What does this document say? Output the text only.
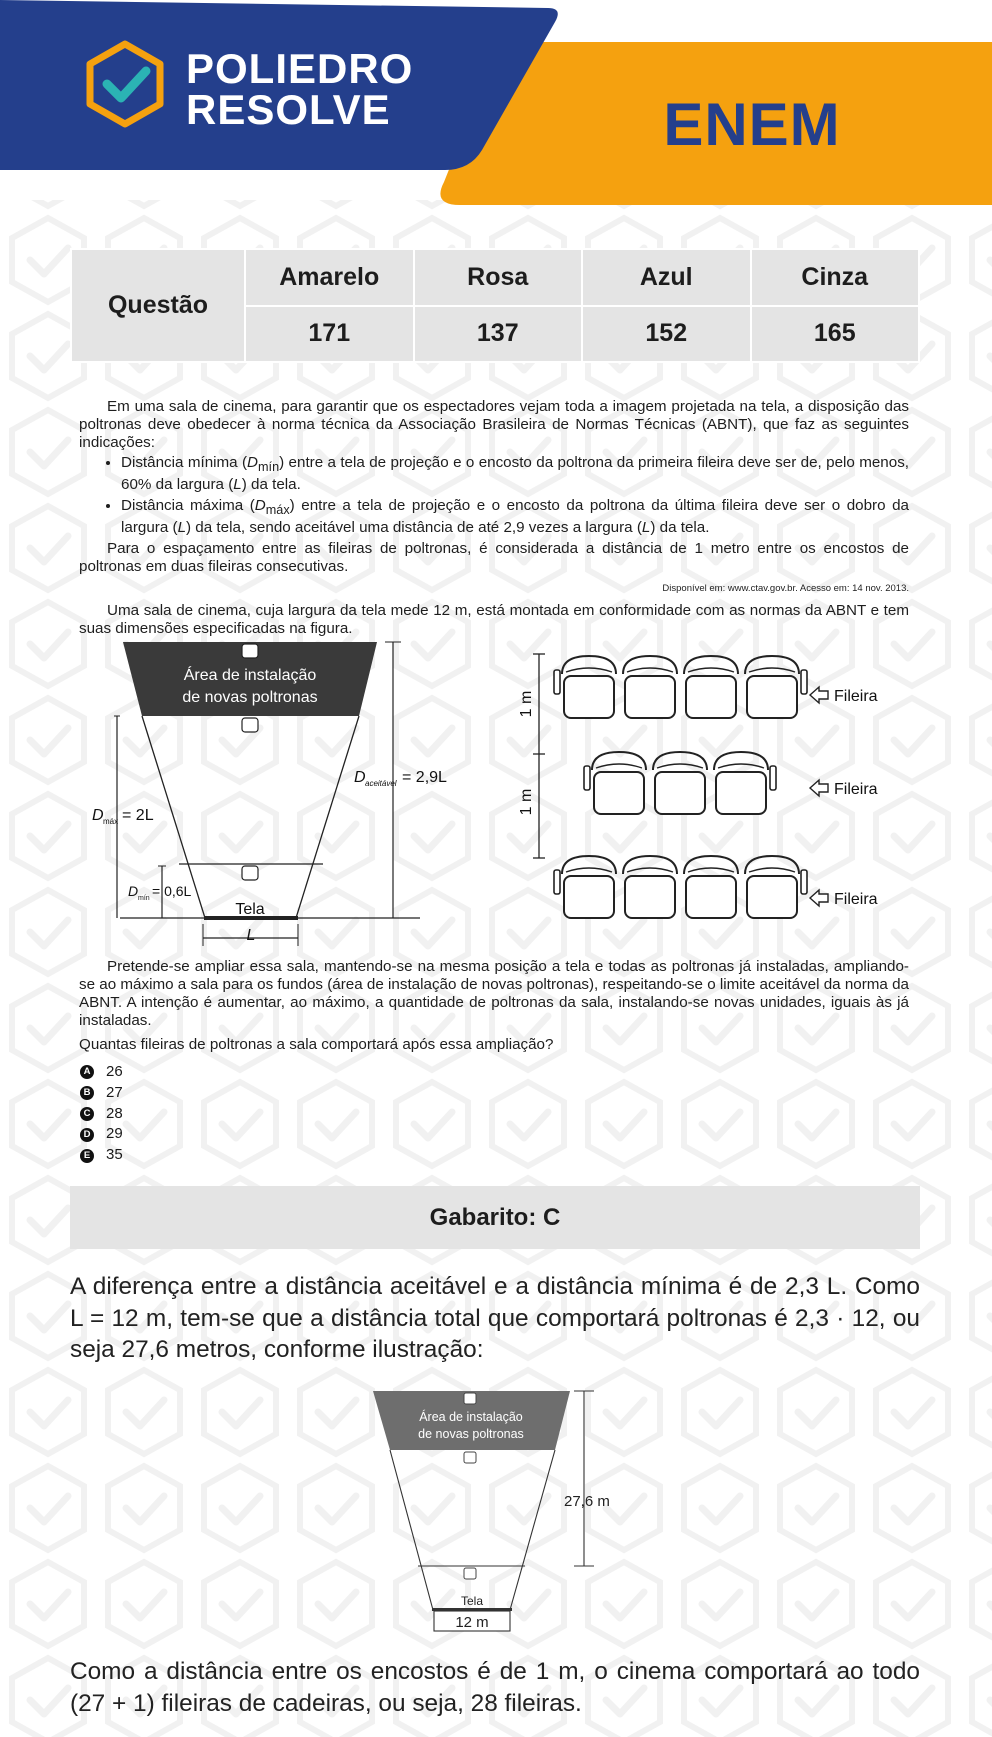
POLIEDRO
RESOLVE	ENEM
Questão	Amarelo	Rosa	Azul	Cinza
	171	137	152	165

Em uma sala de cinema, para garantir que os espectadores vejam toda a imagem projetada na tela, a disposição das poltronas deve obedecer à norma técnica da Associação Brasileira de Normas Técnicas (ABNT), que faz as seguintes indicações:

• Distância mínima $(D_{mín})$ entre a tela de projeção e o encosto da poltrona da primeira fileira deve ser de, pelo menos, 60% da largura (L) da tela.
• Distância máxima $(D_{máx})$ entre a tela de projeção e o encosto da poltrona da última fileira deve ser o dobro da largura (L) da tela, sendo aceitável uma distância de até 2,9 vezes a largura (L) da tela.

Para o espaçamento entre as fileiras de poltronas, é considerada a distância de 1 metro entre os encostos de poltronas em duas fileiras consecutivas.

Disponível em: www.ctav.gov.br. Acesso em: 14 nov. 2013.

Uma sala de cinema, cuja largura da tela mede 12 m, está montada em conformidade com as normas da ABNT e tem suas dimensões especificadas na figura.

Área de instalação
de novas poltronas
D aceitável = 2,9L
D máx = 2L
D mín = 0,6L
Tela
L
Fileira
Fileira
Fileira
1 m
1 m

Pretende-se ampliar essa sala, mantendo-se na mesma posição a tela e todas as poltronas já instaladas, ampliando-se ao máximo a sala para os fundos (área de instalação de novas poltronas), respeitando-se o limite aceitável da norma da ABNT. A intenção é aumentar, ao máximo, a quantidade de poltronas da sala, instalando-se novas unidades, iguais às já instaladas.

Quantas fileiras de poltronas a sala comportará após essa ampliação?

A 26
B 27
C 28
D 29
E 35
Gabarito: C

A diferença entre a distância aceitável e a distância mínima é de 2,3 L. Como L = 12 m, tem-se que a distância total que comportará poltronas é 2,3 · 12, ou seja 27,6 metros, conforme ilustração:

Área de instalação
de novas poltronas
27,6 m
Tela
12 m

Como a distância entre os encostos é de 1 m, o cinema comportará ao todo (27 + 1) fileiras de cadeiras, ou seja, 28 fileiras.
